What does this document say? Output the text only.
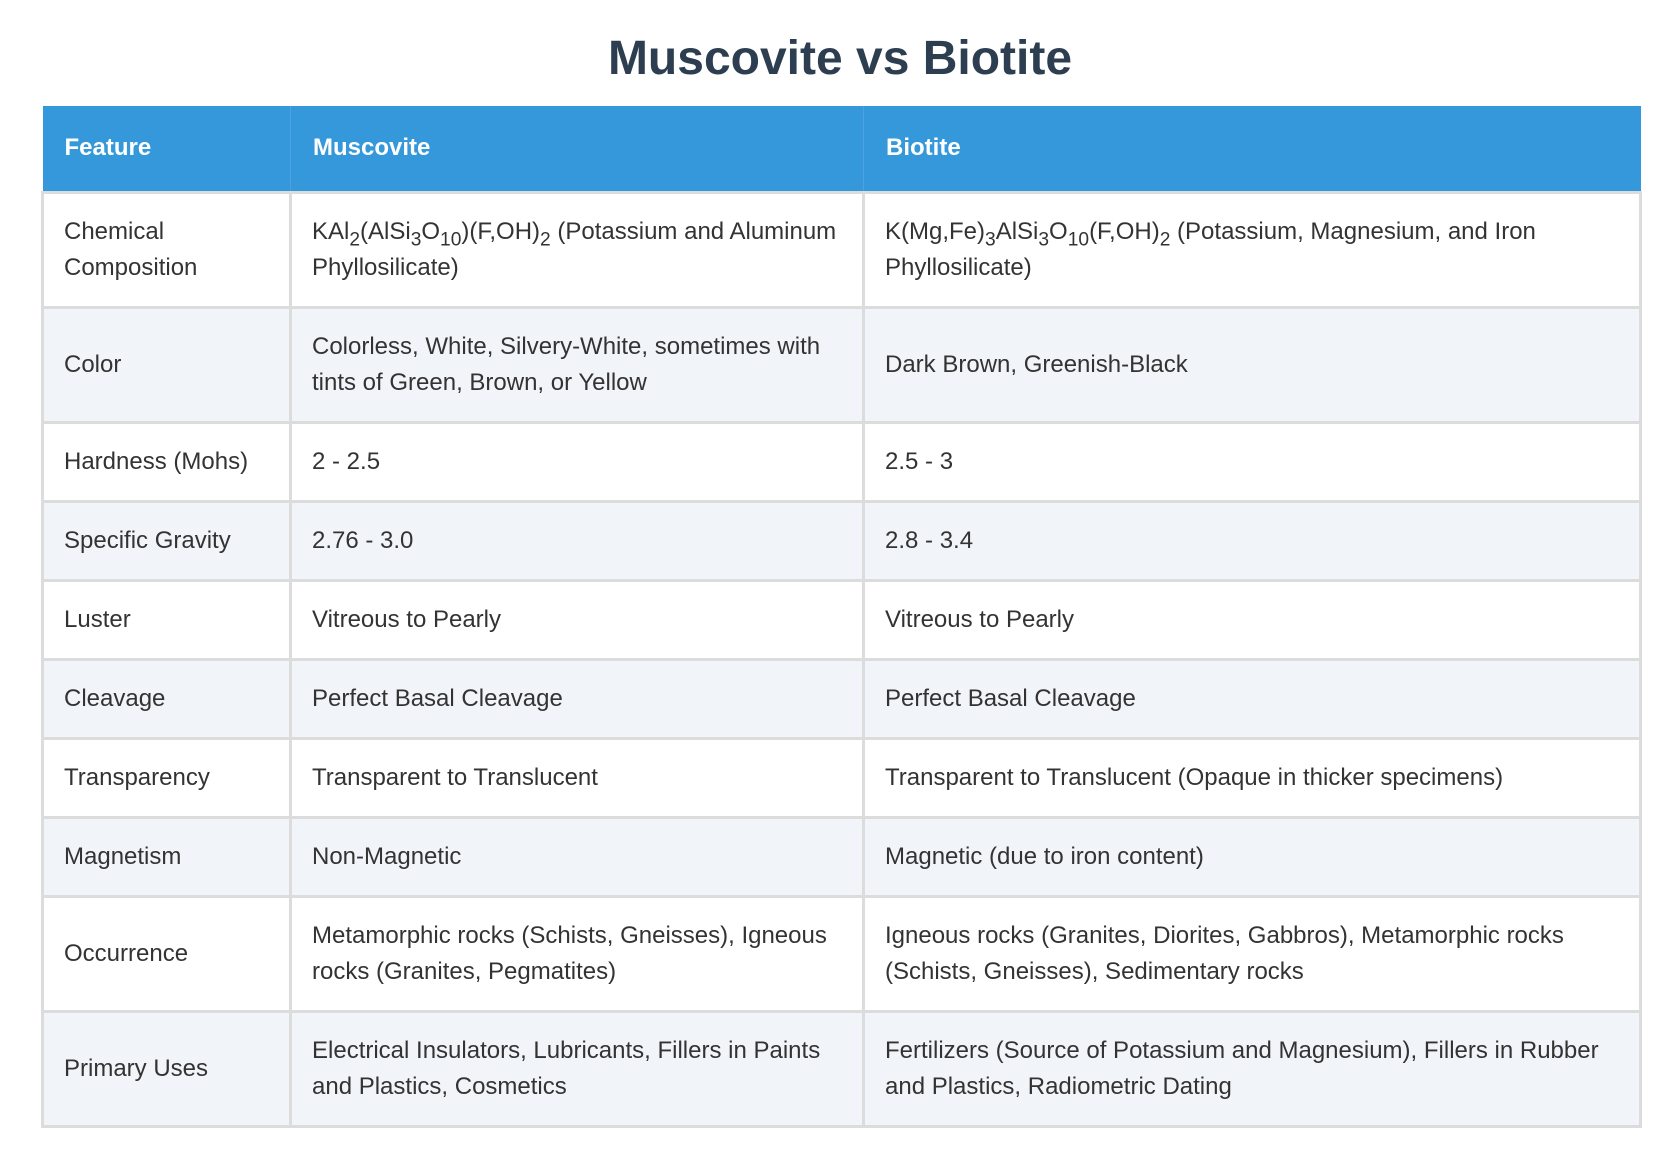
Muscovite vs Biotite
Feature	Muscovite	Biotite
Chemical Composition	$KAl_2(AlSi_3O_{10})(F,OH)_2$ (Potassium and Aluminum Phyllosilicate)	$K(Mg,Fe)_3AlSi_3O_{10}(F,OH)_2$ (Potassium, Magnesium, and Iron Phyllosilicate)
Color	Colorless, White, Silvery-White, sometimes with tints of Green, Brown, or Yellow	Dark Brown, Greenish-Black
Hardness (Mohs)	2 - 2.5	2.5 - 3
Specific Gravity	2.76 - 3.0	2.8 - 3.4
Luster	Vitreous to Pearly	Vitreous to Pearly
Cleavage	Perfect Basal Cleavage	Perfect Basal Cleavage
Transparency	Transparent to Translucent	Transparent to Translucent (Opaque in thicker specimens)
Magnetism	Non-Magnetic	Magnetic (due to iron content)
Occurrence	Metamorphic rocks (Schists, Gneisses), Igneous rocks (Granites, Pegmatites)	Igneous rocks (Granites, Diorites, Gabbros), Metamorphic rocks (Schists, Gneisses), Sedimentary rocks
Primary Uses	Electrical Insulators, Lubricants, Fillers in Paints and Plastics, Cosmetics	Fertilizers (Source of Potassium and Magnesium), Fillers in Rubber and Plastics, Radiometric Dating
